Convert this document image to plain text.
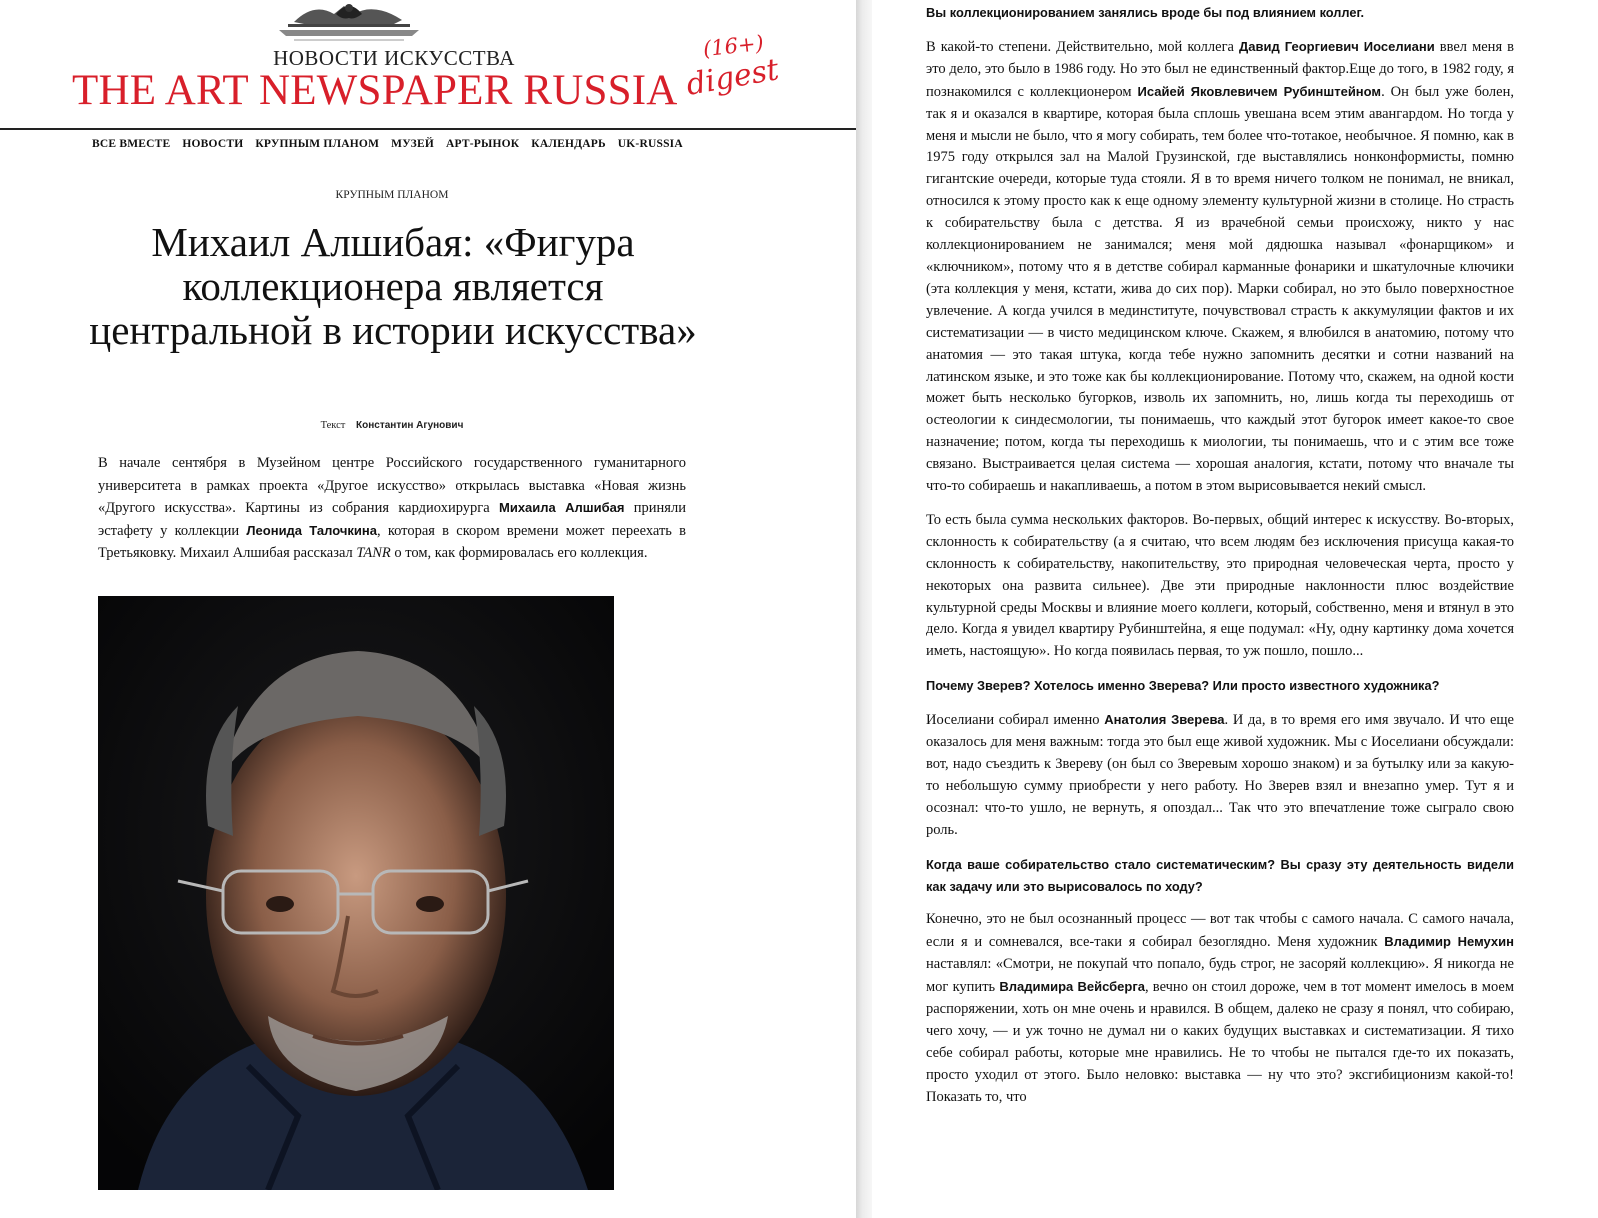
НОВОСТИ ИСКУССТВА
THE ART NEWSPAPER RUSSIA
(16+)
digest
ВСЕ ВМЕСТЕ НОВОСТИ КРУПНЫМ ПЛАНОМ МУЗЕЙ АРТ-РЫНОК КАЛЕНДАРЬ UK-RUSSIA
КРУПНЫМ ПЛАНОМ
Михаил Алшибая: «Фигура коллекционера является центральной в истории искусства»
Текст Константин Агунович
В начале сентября в Музейном центре Российского государственного гуманитарного университета в рамках проекта «Другое искусство» открылась выставка «Новая жизнь «Другого искусства». Картины из собрания кардиохирурга Михаила Алшибая приняли эстафету у коллекции Леонида Талочкина, которая в скором времени может переехать в Третьяковку. Михаил Алшибая рассказал TANR о том, как формировалась его коллекция.
Вы коллекционированием занялись вроде бы под влиянием коллег.

В какой-то степени. Действительно, мой коллега Давид Георгиевич Иоселиани ввел меня в это дело, это было в 1986 году. Но это был не единственный фактор.Еще до того, в 1982 году, я познакомился с коллекционером Исайей Яковлевичем Рубинштейном. Он был уже болен, так я и оказался в квартире, которая была сплошь увешана всем этим авангардом. Но тогда у меня и мысли не было, что я могу собирать, тем более что-тотакое, необычное. Я помню, как в 1975 году открылся зал на Малой Грузинской, где выставлялись нонконформисты, помню гигантские очереди, которые туда стояли. Я в то время ничего толком не понимал, не вникал, относился к этому просто как к еще одному элементу культурной жизни в столице. Но страсть к собирательству была с детства. Я из врачебной семьи происхожу, никто у нас коллекционированием не занимался; меня мой дядюшка называл «фонарщиком» и «ключником», потому что я в детстве собирал карманные фонарики и шкатулочные ключики (эта коллекция у меня, кстати, жива до сих пор). Марки собирал, но это было поверхностное увлечение. А когда учился в мединституте, почувствовал страсть к аккумуляции фактов и их систематизации — в чисто медицинском ключе. Скажем, я влюбился в анатомию, потому что анатомия — это такая штука, когда тебе нужно запомнить десятки и сотни названий на латинском языке, и это тоже как бы коллекционирование. Потому что, скажем, на одной кости может быть несколько бугорков, изволь их запомнить, но, лишь когда ты переходишь от остеологии к синдесмологии, ты понимаешь, что каждый этот бугорок имеет какое-то свое назначение; потом, когда ты переходишь к миологии, ты понимаешь, что и с этим все тоже связано. Выстраивается целая система — хорошая аналогия, кстати, потому что вначале ты что-то собираешь и накапливаешь, а потом в этом вырисовывается некий смысл.

То есть была сумма нескольких факторов. Во-первых, общий интерес к искусству. Во-вторых, склонность к собирательству (а я считаю, что всем людям без исключения присуща какая-то склонность к собирательству, накопительству, это природная человеческая черта, просто у некоторых она развита сильнее). Две эти природные наклонности плюс воздействие культурной среды Москвы и влияние моего коллеги, который, собственно, меня и втянул в это дело. Когда я увидел квартиру Рубинштейна, я еще подумал: «Ну, одну картинку дома хочется иметь, настоящую». Но когда появилась первая, то уж пошло, пошло...

Почему Зверев? Хотелось именно Зверева? Или просто известного художника?

Иоселиани собирал именно Анатолия Зверева. И да, в то время его имя звучало. И что еще оказалось для меня важным: тогда это был еще живой художник. Мы с Иоселиани обсуждали: вот, надо съездить к Звереву (он был со Зверевым хорошо знаком) и за бутылку или за какую-то небольшую сумму приобрести у него работу. Но Зверев взял и внезапно умер. Тут я и осознал: что-то ушло, не вернуть, я опоздал... Так что это впечатление тоже сыграло свою роль.

Когда ваше собирательство стало систематическим? Вы сразу эту деятельность видели как задачу или это вырисовалось по ходу?

Конечно, это не был осознанный процесс — вот так чтобы с самого начала. С самого начала, если я и сомневался, все-таки я собирал безоглядно. Меня художник Владимир Немухин наставлял: «Смотри, не покупай что попало, будь строг, не засоряй коллекцию». Я никогда не мог купить Владимира Вейсберга, вечно он стоил дороже, чем в тот момент имелось в моем распоряжении, хоть он мне очень и нравился. В общем, далеко не сразу я понял, что собираю, чего хочу, — и уж точно не думал ни о каких будущих выставках и систематизации. Я тихо себе собирал работы, которые мне нравились. Не то чтобы не пытался где-то их показать, просто уходил от этого. Было неловко: выставка — ну что это? эксгибиционизм какой-то! Показать то, что
